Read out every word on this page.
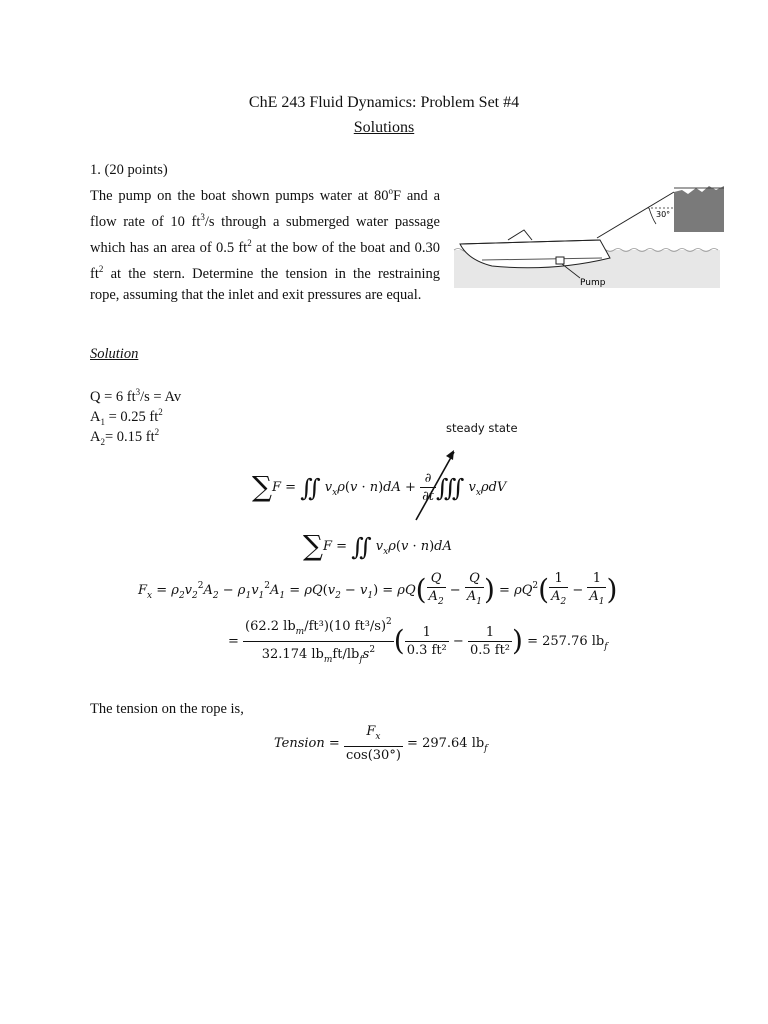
ChE 243 Fluid Dynamics: Problem Set #4
Solutions
1. (20 points)
The pump on the boat shown pumps water at 80$^o$F and a flow rate of 10 $ft^3/s$ through a submerged water passage which has an area of 0.5 $ft^2$ at the bow of the boat and 0.30 $ft^2$ at the stern. Determine the tension in the restraining rope, assuming that the inlet and exit pressures are equal.
30°
Pump
Solution
Q = 6 $ft^3/s = Av$
$A_1 = 0.25$ $ft^2$
$A_2= 0.15$ $ft^2$	steady state
∑F = ∬ $v_x\rho(v \cdot n)dA + \frac{\partial}{\partial t}$ ∭ $v_x\rho dV$
∑F = ∬ $v_x\rho(v \cdot n)dA$
$F_x = \rho_2v_2^2A_2 - \rho_1v_1^2A_1 = \rho Q(v_2 - v_1) = \rho Q( \frac{Q}{A_2} - \frac{Q}{A_1}$ ) = $\rho Q^2( \frac{1}{A_2} - \frac{1}{A_1}$ )
= $\frac{(62.2 lb_m/ft^3)(10 ft^3/s)^2}{32.174 lb_mft/lb_fs^2}$ ( $\frac{1}{\text{0.3 ft²}} - \frac{1}{\text{0.5 ft²}}$ ) = 257.76 $lb_f$
The tension on the rope is,
Tension = $\frac{F_x}{\cos(30^\circ)} = 297.64$ $lb_f$
